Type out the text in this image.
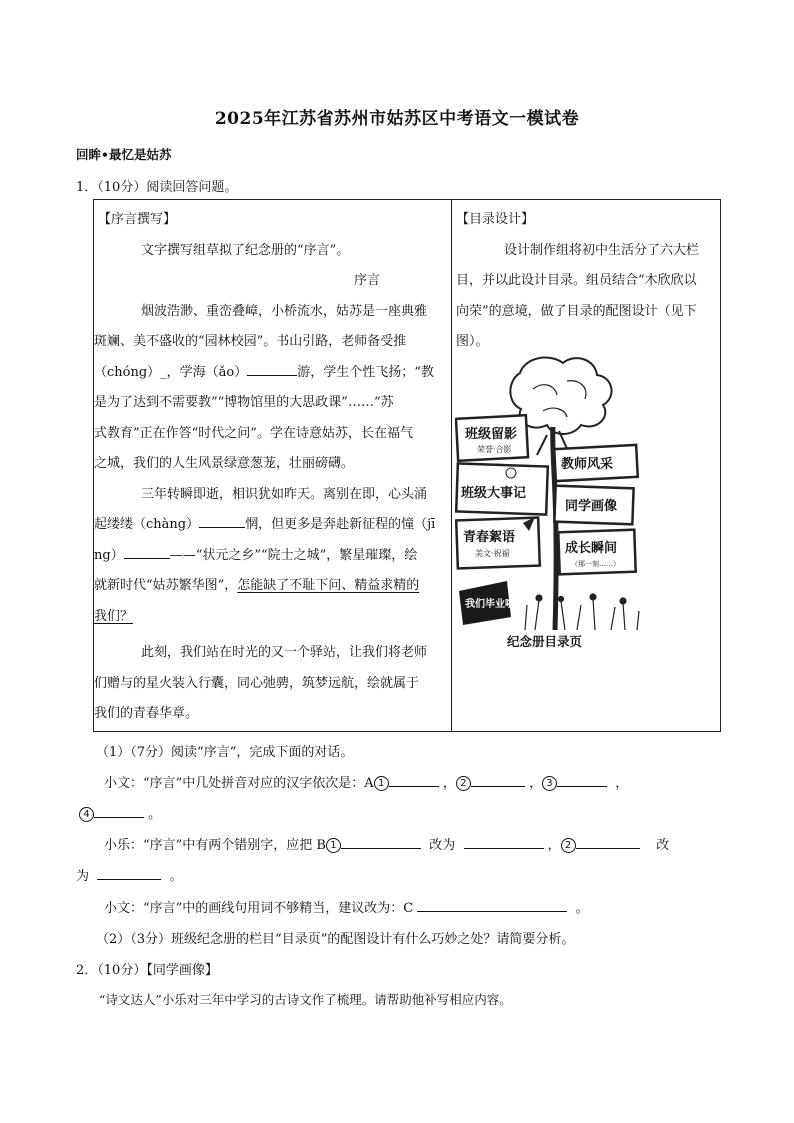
2025年江苏省苏州市姑苏区中考语文一模试卷
回眸•最忆是姑苏
1．（10分）阅读回答问题。
【序言撰写】
文字撰写组草拟了纪念册的“序言”。
序言
烟波浩渺、重峦叠嶂，小桥流水，姑苏是一座典雅
斑斓、美不盛收的“园林校园”。书山引路，老师备受推
（chóng）_，学海（ǎo）	游，学生个性飞扬；“教
是为了达到不需要教”“博物馆里的大思政课”……“苏
式教育”正在作答“时代之问”。学在诗意姑苏，长在福气
之城，我们的人生风景绿意葱茏，壮丽磅礴。
三年转瞬即逝，相识犹如昨天。离别在即，心头涌
起缕缕（chàng）	惘，但更多是奔赴新征程的憧（jī
ng）	——“状元之乡”“院士之城”，繁星璀璨，绘
就新时代“姑苏繁华图”，怎能缺了不耻下问、精益求精的
我们？
此刻，我们站在时光的又一个驿站，让我们将老师
们赠与的星火装入行囊，同心弛骋，筑梦远航，绘就属于
我们的青春华章。
【目录设计】
设计制作组将初中生活分了六大栏
目，并以此设计目录。组员结合“木欣欣以
向荣”的意境，做了目录的配图设计（见下
图）。
班级留影
荣誉·合影
班级大事记
青春絮语
美文·祝福
教师风采
同学画像
成长瞬间
（那一刻……）
我们毕业啦
纪念册目录页
（1）（7分）阅读“序言”，完成下面的对话。
小文：“序言”中几处拼音对应的汉字依次是：A 1	， 2	， 3	，
4	。
小乐：“序言”中有两个错别字，应把 B 1	改为	， 2	改
为	。
小文：“序言”中的画线句用词不够精当，建议改为：C	。
（2）（3分）班级纪念册的栏目“目录页”的配图设计有什么巧妙之处？请简要分析。
2．（10分）【同学画像】
“诗文达人”小乐对三年中学习的古诗文作了梳理。请帮助他补写相应内容。
